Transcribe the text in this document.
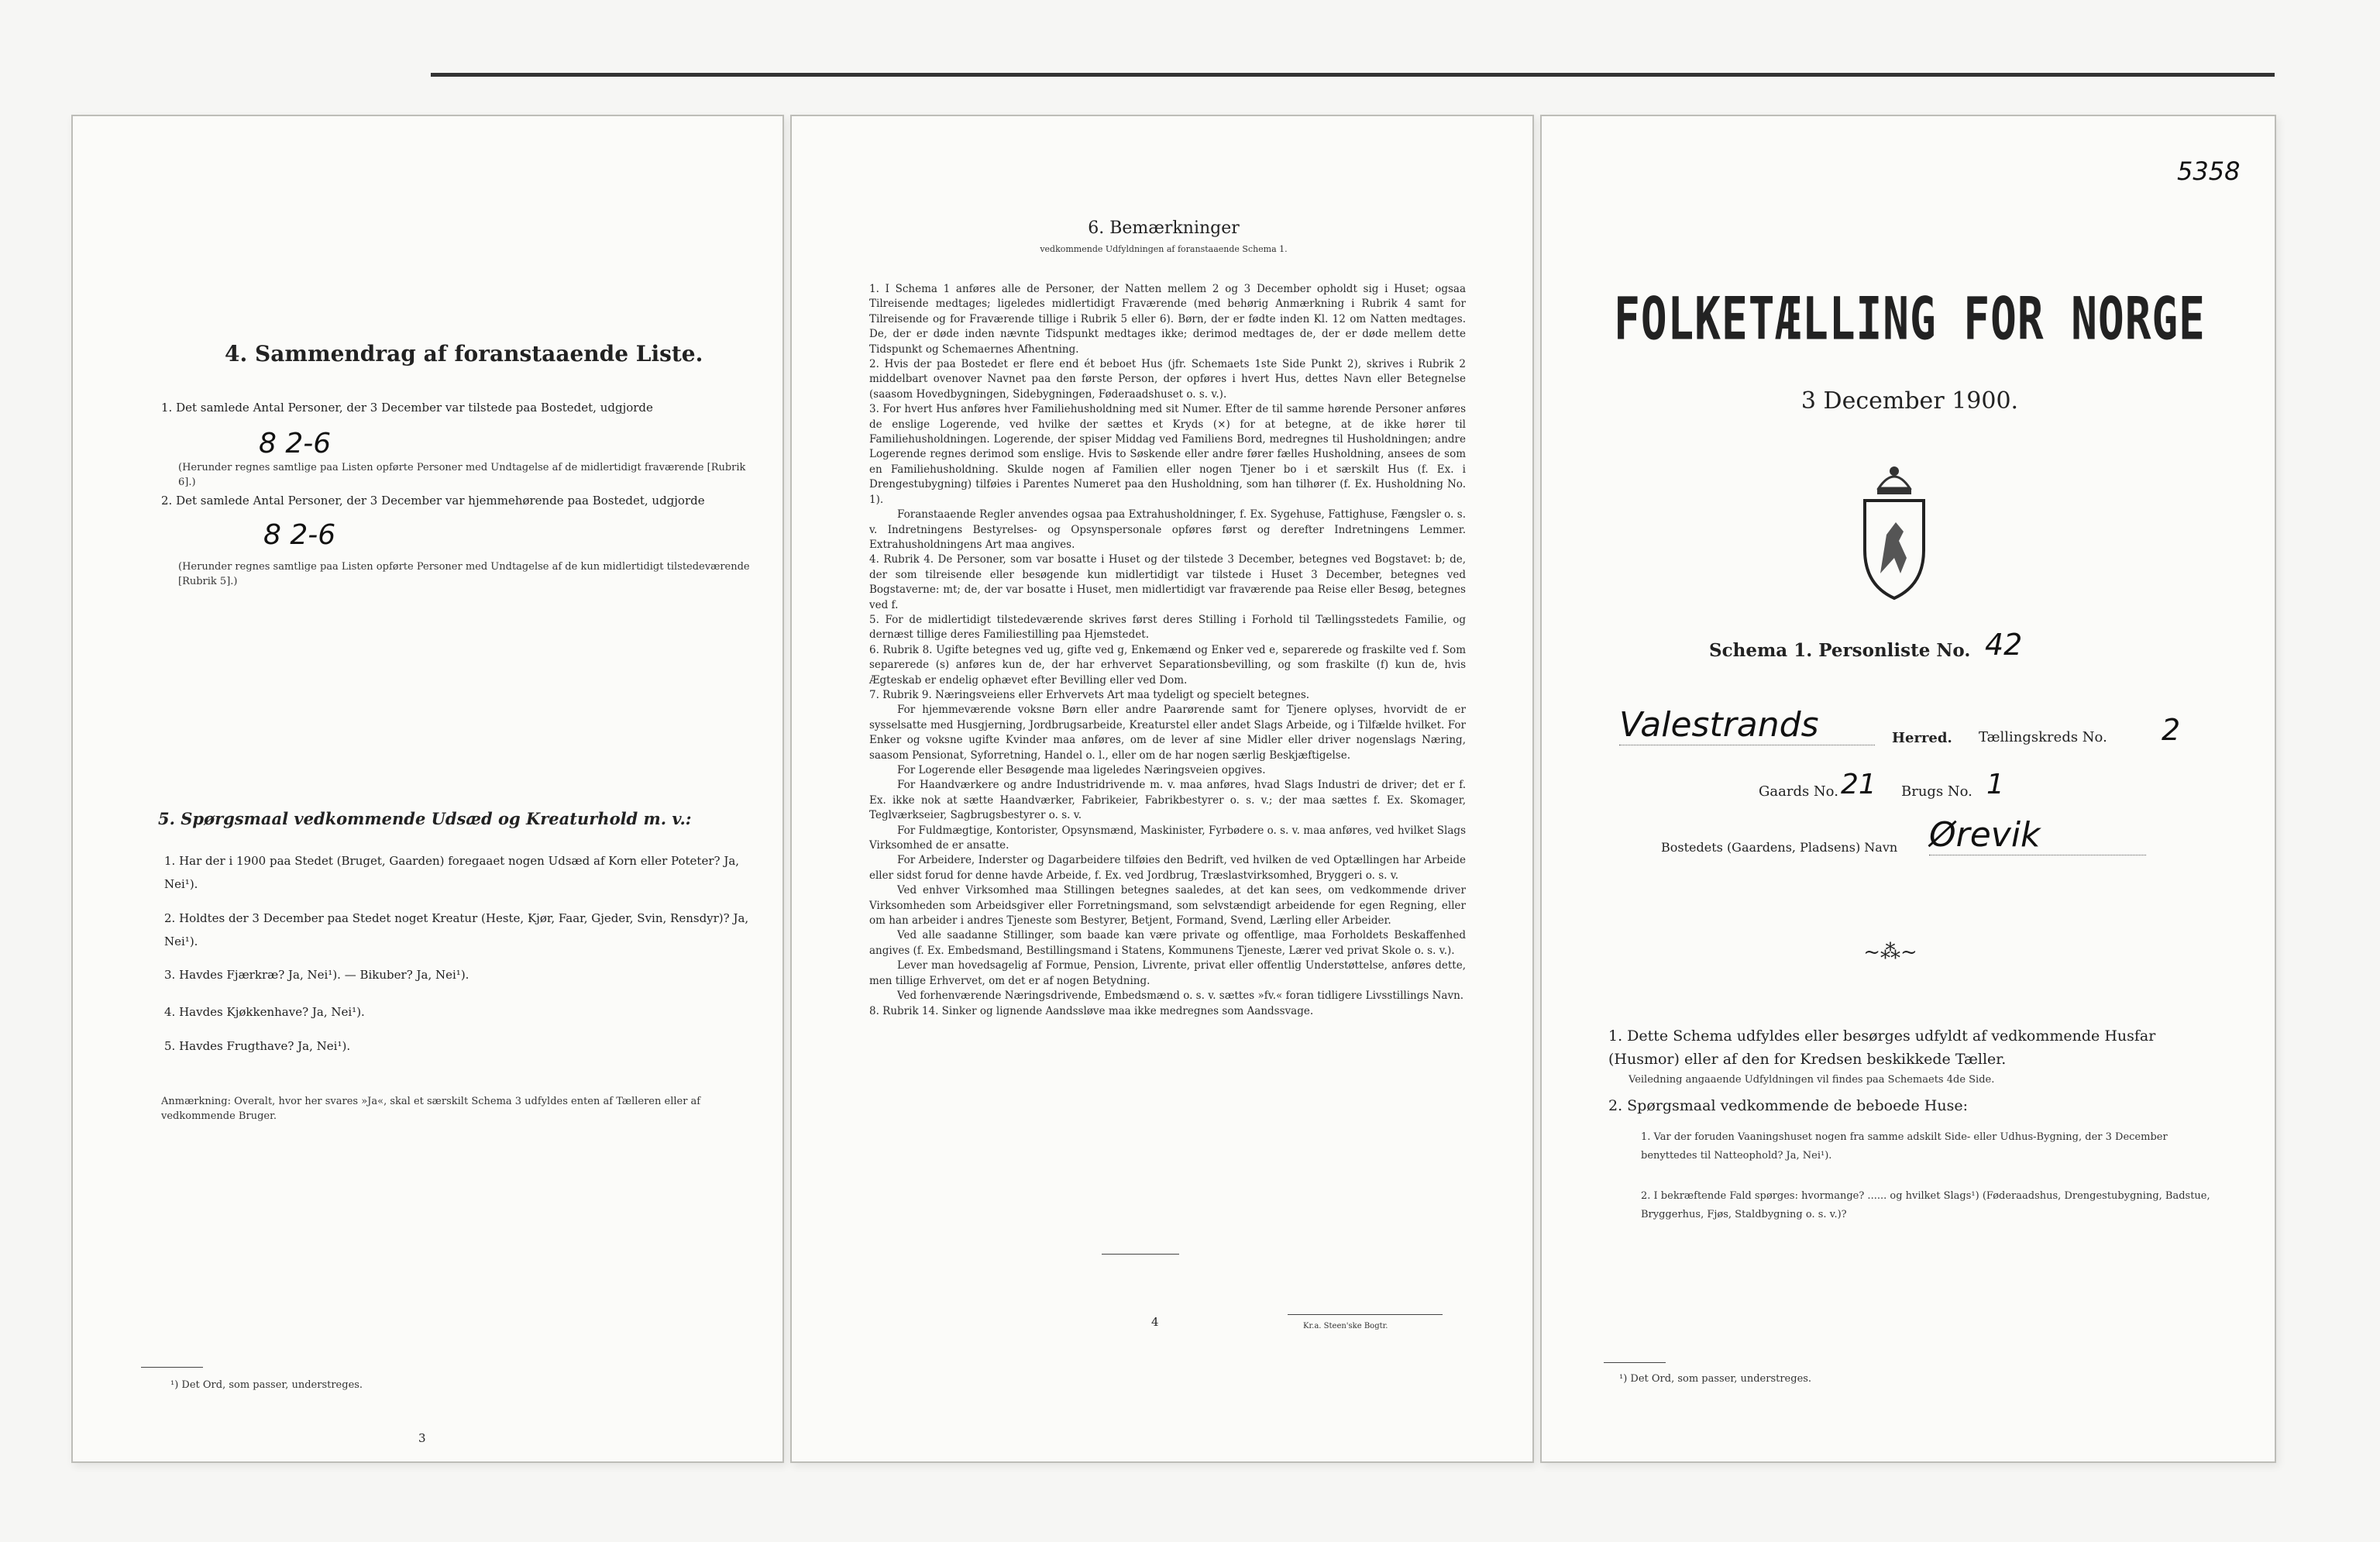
4. Sammendrag af foranstaaende Liste.
1. Det samlede Antal Personer, der 3 December var tilstede paa Bostedet, udgjorde
8 2-6
(Herunder regnes samtlige paa Listen opførte Personer med Undtagelse af de midlertidigt fraværende [Rubrik 6].)
2. Det samlede Antal Personer, der 3 December var hjemmehørende paa Bostedet, udgjorde
8 2-6
(Herunder regnes samtlige paa Listen opførte Personer med Undtagelse af de kun midlertidigt tilstedeværende [Rubrik 5].)
5. Spørgsmaal vedkommende Udsæd og Kreaturhold m. v.:
1. Har der i 1900 paa Stedet (Bruget, Gaarden) foregaaet nogen Udsæd af Korn eller Poteter? Ja, Nei¹).
2. Holdtes der 3 December paa Stedet noget Kreatur (Heste, Kjør, Faar, Gjeder, Svin, Rensdyr)? Ja, Nei¹).
3. Havdes Fjærkræ? Ja, Nei¹). — Bikuber? Ja, Nei¹).
4. Havdes Kjøkkenhave? Ja, Nei¹).
5. Havdes Frugthave? Ja, Nei¹).
Anmærkning: Overalt, hvor her svares »Ja«, skal et særskilt Schema 3 udfyldes enten af Tælleren eller af vedkommende Bruger.
¹) Det Ord, som passer, understreges.
3
6. Bemærkninger
vedkommende Udfyldningen af foranstaaende Schema 1.

1. I Schema 1 anføres alle de Personer, der Natten mellem 2 og 3 December opholdt sig i Huset; ogsaa Tilreisende medtages; ligeledes midlertidigt Fraværende (med behørig Anmærkning i Rubrik 4 samt for Tilreisende og for Fraværende tillige i Rubrik 5 eller 6). Børn, der er fødte inden Kl. 12 om Natten medtages. De, der er døde inden nævnte Tidspunkt medtages ikke; derimod medtages de, der er døde mellem dette Tidspunkt og Schemaernes Afhentning.

2. Hvis der paa Bostedet er flere end ét beboet Hus (jfr. Schemaets 1ste Side Punkt 2), skrives i Rubrik 2 middelbart ovenover Navnet paa den første Person, der opføres i hvert Hus, dettes Navn eller Betegnelse (saasom Hovedbygningen, Sidebygningen, Føderaadshuset o. s. v.).

3. For hvert Hus anføres hver Familiehusholdning med sit Numer. Efter de til samme hørende Personer anføres de enslige Logerende, ved hvilke der sættes et Kryds (×) for at betegne, at de ikke hører til Familiehusholdningen. Logerende, der spiser Middag ved Familiens Bord, medregnes til Husholdningen; andre Logerende regnes derimod som enslige. Hvis to Søskende eller andre fører fælles Husholdning, ansees de som en Familiehusholdning. Skulde nogen af Familien eller nogen Tjener bo i et særskilt Hus (f. Ex. i Drengestubygning) tilføies i Parentes Numeret paa den Husholdning, som han tilhører (f. Ex. Husholdning No. 1).

Foranstaaende Regler anvendes ogsaa paa Extrahusholdninger, f. Ex. Sygehuse, Fattighuse, Fængsler o. s. v. Indretningens Bestyrelses- og Opsynspersonale opføres først og derefter Indretningens Lemmer. Extrahusholdningens Art maa angives.

4. Rubrik 4. De Personer, som var bosatte i Huset og der tilstede 3 December, betegnes ved Bogstavet: b; de, der som tilreisende eller besøgende kun midlertidigt var tilstede i Huset 3 December, betegnes ved Bogstaverne: mt; de, der var bosatte i Huset, men midlertidigt var fraværende paa Reise eller Besøg, betegnes ved f.

5. For de midlertidigt tilstedeværende skrives først deres Stilling i Forhold til Tællingsstedets Familie, og dernæst tillige deres Familiestilling paa Hjemstedet.

6. Rubrik 8. Ugifte betegnes ved ug, gifte ved g, Enkemænd og Enker ved e, separerede og fraskilte ved f. Som separerede (s) anføres kun de, der har erhvervet Separationsbevilling, og som fraskilte (f) kun de, hvis Ægteskab er endelig ophævet efter Bevilling eller ved Dom.

7. Rubrik 9. Næringsveiens eller Erhvervets Art maa tydeligt og specielt betegnes.

For hjemmeværende voksne Børn eller andre Paarørende samt for Tjenere oplyses, hvorvidt de er sysselsatte med Husgjerning, Jordbrugsarbeide, Kreaturstel eller andet Slags Arbeide, og i Tilfælde hvilket. For Enker og voksne ugifte Kvinder maa anføres, om de lever af sine Midler eller driver nogenslags Næring, saasom Pensionat, Syforretning, Handel o. l., eller om de har nogen særlig Beskjæftigelse.

For Logerende eller Besøgende maa ligeledes Næringsveien opgives.

For Haandværkere og andre Industridrivende m. v. maa anføres, hvad Slags Industri de driver; det er f. Ex. ikke nok at sætte Haandværker, Fabrikeier, Fabrikbestyrer o. s. v.; der maa sættes f. Ex. Skomager, Teglværkseier, Sagbrugsbestyrer o. s. v.

For Fuldmægtige, Kontorister, Opsynsmænd, Maskinister, Fyrbødere o. s. v. maa anføres, ved hvilket Slags Virksomhed de er ansatte.

For Arbeidere, Inderster og Dagarbeidere tilføies den Bedrift, ved hvilken de ved Optællingen har Arbeide eller sidst forud for denne havde Arbeide, f. Ex. ved Jordbrug, Træslastvirksomhed, Bryggeri o. s. v.

Ved enhver Virksomhed maa Stillingen betegnes saaledes, at det kan sees, om vedkommende driver Virksomheden som Arbeidsgiver eller Forretningsmand, som selvstændigt arbeidende for egen Regning, eller om han arbeider i andres Tjeneste som Bestyrer, Betjent, Formand, Svend, Lærling eller Arbeider.

Ved alle saadanne Stillinger, som baade kan være private og offentlige, maa Forholdets Beskaffenhed angives (f. Ex. Embedsmand, Bestillingsmand i Statens, Kommunens Tjeneste, Lærer ved privat Skole o. s. v.).

Lever man hovedsagelig af Formue, Pension, Livrente, privat eller offentlig Understøttelse, anføres dette, men tillige Erhvervet, om det er af nogen Betydning.

Ved forhenværende Næringsdrivende, Embedsmænd o. s. v. sættes »fv.« foran tidligere Livsstillings Navn.

8. Rubrik 14. Sinker og lignende Aandssløve maa ikke medregnes som Aandssvage.

4	Kr.a. Steen'ske Bogtr.
5358
FOLKETÆLLING FOR NORGE
3 December 1900.
Schema 1. Personliste No. 42
Valestrands	Herred. Tællingskreds No. 2
Gaards No. 21 Brugs No. 1
Bostedets (Gaardens, Pladsens) Navn Ørevik
~⁂~
1. Dette Schema udfyldes eller besørges udfyldt af vedkommende Husfar (Husmor) eller af den for Kredsen beskikkede Tæller.
Veiledning angaaende Udfyldningen vil findes paa Schemaets 4de Side.
2. Spørgsmaal vedkommende de beboede Huse:
1. Var der foruden Vaaningshuset nogen fra samme adskilt Side- eller Udhus-Bygning, der 3 December benyttedes til Natteophold? Ja, Nei¹).
2. I bekræftende Fald spørges: hvormange? ...... og hvilket Slags¹) (Føderaadshus, Drengestubygning, Badstue, Bryggerhus, Fjøs, Staldbygning o. s. v.)?
¹) Det Ord, som passer, understreges.
